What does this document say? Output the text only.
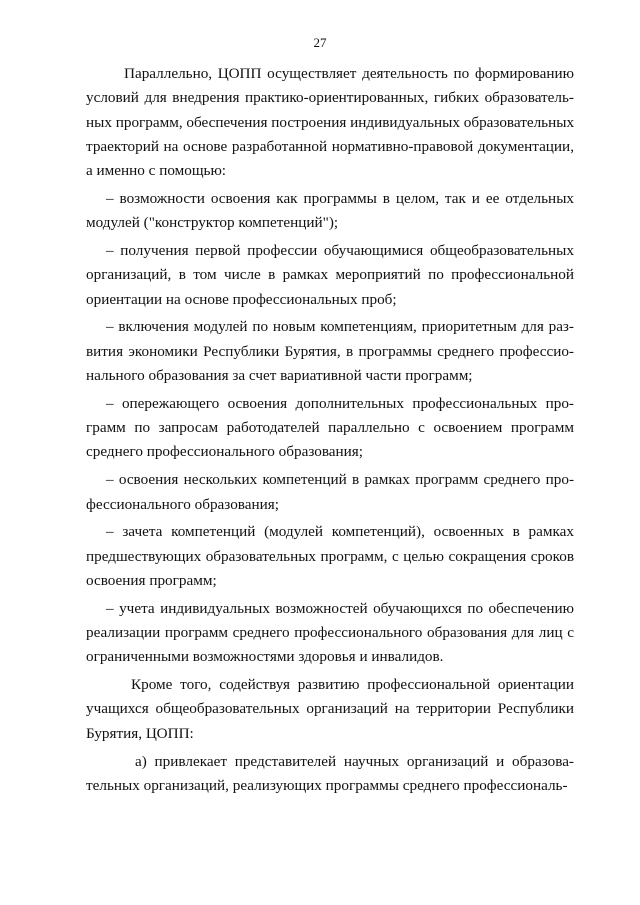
27
Параллельно, ЦОПП осуществляет деятельность по формированию
условий для внедрения практико-ориентированных, гибких образователь-
ных программ, обеспечения построения индивидуальных образовательных
траекторий на основе разработанной нормативно-правовой документации,
а именно с помощью:
– возможности освоения как программы в целом, так и ее отдельных
модулей ("конструктор компетенций");
– получения первой профессии обучающимися общеобразовательных
организаций, в том числе в рамках мероприятий по профессиональной
ориентации на основе профессиональных проб;
– включения модулей по новым компетенциям, приоритетным для раз-
вития экономики Республики Бурятия, в программы среднего профессио-
нального образования за счет вариативной части программ;
– опережающего освоения дополнительных профессиональных про-
грамм по запросам работодателей параллельно с освоением программ
среднего профессионального образования;
– освоения нескольких компетенций в рамках программ среднего про-
фессионального образования;
– зачета компетенций (модулей компетенций), освоенных в рамках
предшествующих образовательных программ, с целью сокращения сроков
освоения программ;
– учета индивидуальных возможностей обучающихся по обеспечению
реализации программ среднего профессионального образования для лиц с
ограниченными возможностями здоровья и инвалидов.
Кроме того, содействуя развитию профессиональной ориентации
учащихся общеобразовательных организаций на территории Республики
Бурятия, ЦОПП:
а) привлекает представителей научных организаций и образова-
тельных организаций, реализующих программы среднего профессиональ-
